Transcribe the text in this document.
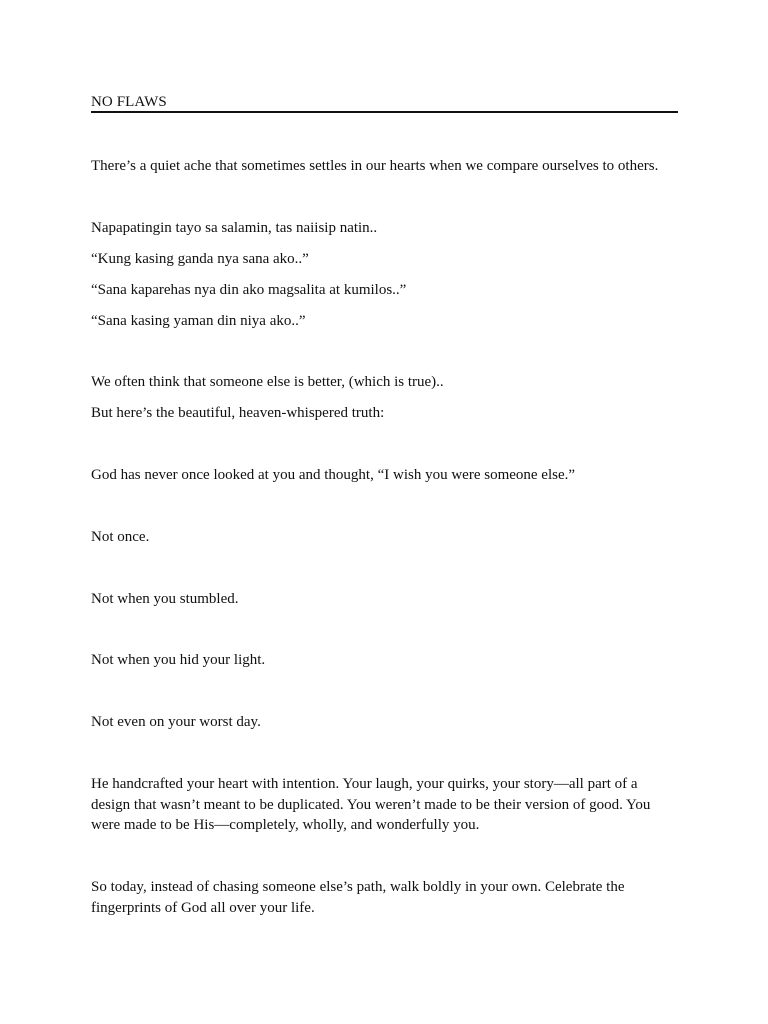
NO FLAWS

There’s a quiet ache that sometimes settles in our hearts when we compare ourselves to others.

Napapatingin tayo sa salamin, tas naiisip natin..

“Kung kasing ganda nya sana ako..”

“Sana kaparehas nya din ako magsalita at kumilos..”

“Sana kasing yaman din niya ako..”

We often think that someone else is better, (which is true)..

But here’s the beautiful, heaven-whispered truth:

God has never once looked at you and thought, “I wish you were someone else.”

Not once.

Not when you stumbled.

Not when you hid your light.

Not even on your worst day.

He handcrafted your heart with intention. Your laugh, your quirks, your story—all part of a design that wasn’t meant to be duplicated. You weren’t made to be their version of good. You were made to be His—completely, wholly, and wonderfully you.

So today, instead of chasing someone else’s path, walk boldly in your own. Celebrate the fingerprints of God all over your life.
